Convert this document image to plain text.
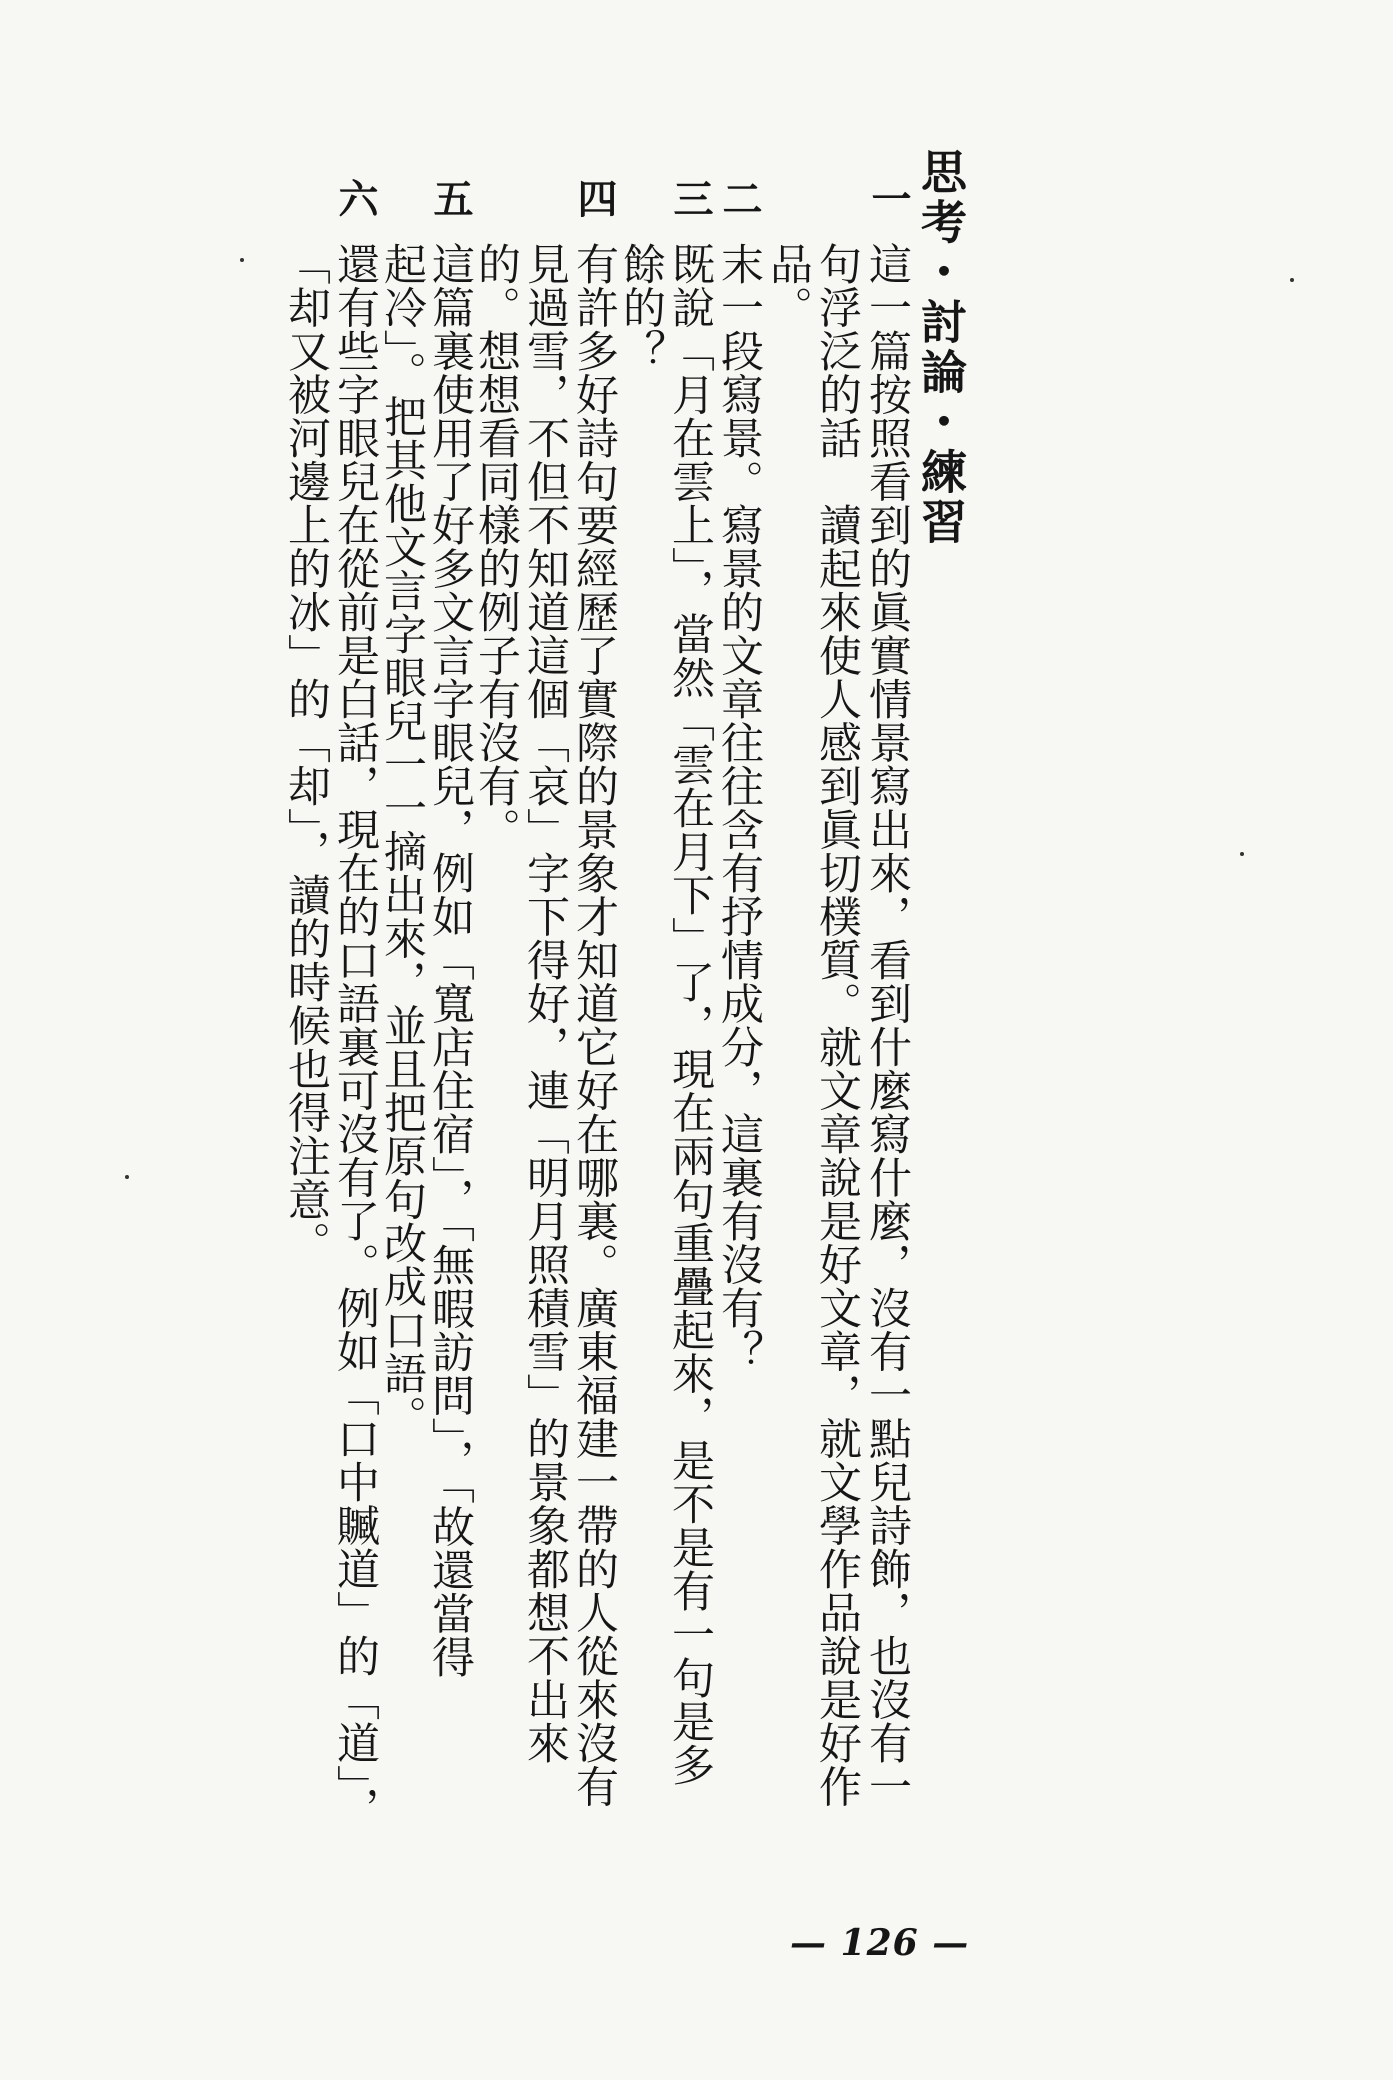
思考・討論・練習
一
這一篇按照看到的眞實情景寫出來，看到什麼寫什麼，沒有一點兒詩飾，也沒有一
句浮泛的話　讀起來使人感到眞切樸質。就文章說是好文章，就文學作品說是好作
品。
二
末一段寫景。寫景的文章往往含有抒情成分，這裏有沒有？
三
既說「月在雲上」，當然「雲在月下」了，現在兩句重疊起來，是不是有一句是多
餘的？
四
有許多好詩句要經歷了實際的景象才知道它好在哪裏。廣東福建一帶的人從來沒有
見過雪，不但不知道這個「哀」字下得好，連「明月照積雪」的景象都想不出來
的。想想看同樣的例子有沒有。
五
這篇裏使用了好多文言字眼兒，例如「寬店住宿」，「無暇訪問」，「故還當得
起冷」。把其他文言字眼兒一一摘出來，並且把原句改成口語。
六
還有些字眼兒在從前是白話，現在的口語裏可沒有了。例如「口中贓道」的「道」，
「却又被河邊上的冰」的「却」，讀的時候也得注意。
— 126 —
